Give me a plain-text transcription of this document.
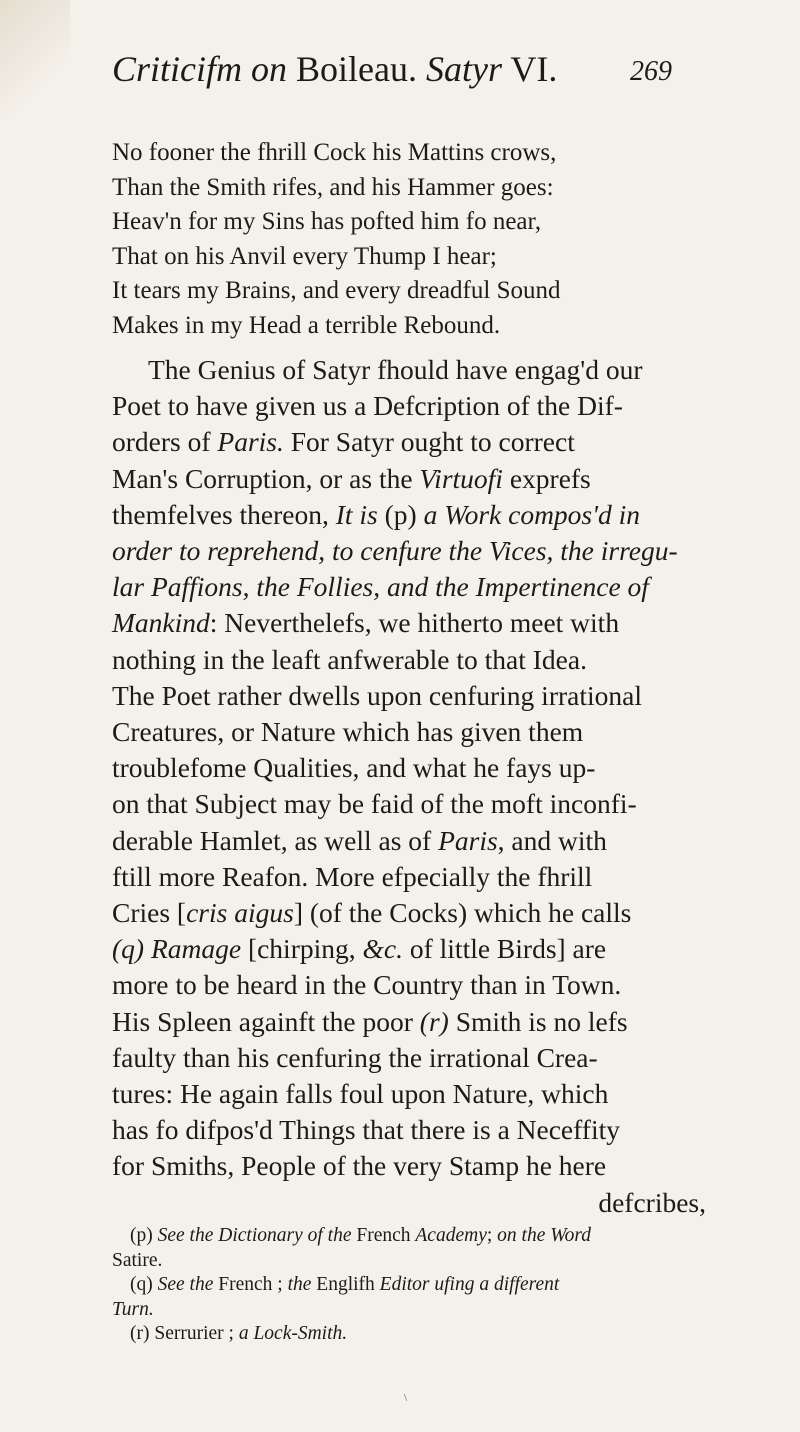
Criticifm on Boileau. Satyr VI.	269
No fooner the fhrill Cock his Mattins crows,
Than the Smith rifes, and his Hammer goes:
Heav'n for my Sins has pofted him fo near,
That on his Anvil every Thump I hear;
It tears my Brains, and every dreadful Sound
Makes in my Head a terrible Rebound.
The Genius of Satyr fhould have engag'd our
Poet to have given us a Defcription of the Dif-
orders of Paris. For Satyr ought to correct
Man's Corruption, or as the Virtuofi exprefs
themfelves thereon, It is (p) a Work compos'd in
order to reprehend, to cenfure the Vices, the irregu-
lar Paffions, the Follies, and the Impertinence of
Mankind: Neverthelefs, we hitherto meet with
nothing in the leaft anfwerable to that Idea.
The Poet rather dwells upon cenfuring irrational
Creatures, or Nature which has given them
troublefome Qualities, and what he fays up-
on that Subject may be faid of the moft inconfi-
derable Hamlet, as well as of Paris, and with
ftill more Reafon. More efpecially the fhrill
Cries [cris aigus] (of the Cocks) which he calls
(q) Ramage [chirping, &c. of little Birds] are
more to be heard in the Country than in Town.
His Spleen againft the poor (r) Smith is no lefs
faulty than his cenfuring the irrational Crea-
tures: He again falls foul upon Nature, which
has fo difpos'd Things that there is a Neceffity
for Smiths, People of the very Stamp he here
defcribes,
(p) See the Dictionary of the French Academy; on the Word
Satire.
(q) See the French ; the Englifh Editor ufing a different
Turn.
(r) Serrurier ; a Lock-Smith.
\
